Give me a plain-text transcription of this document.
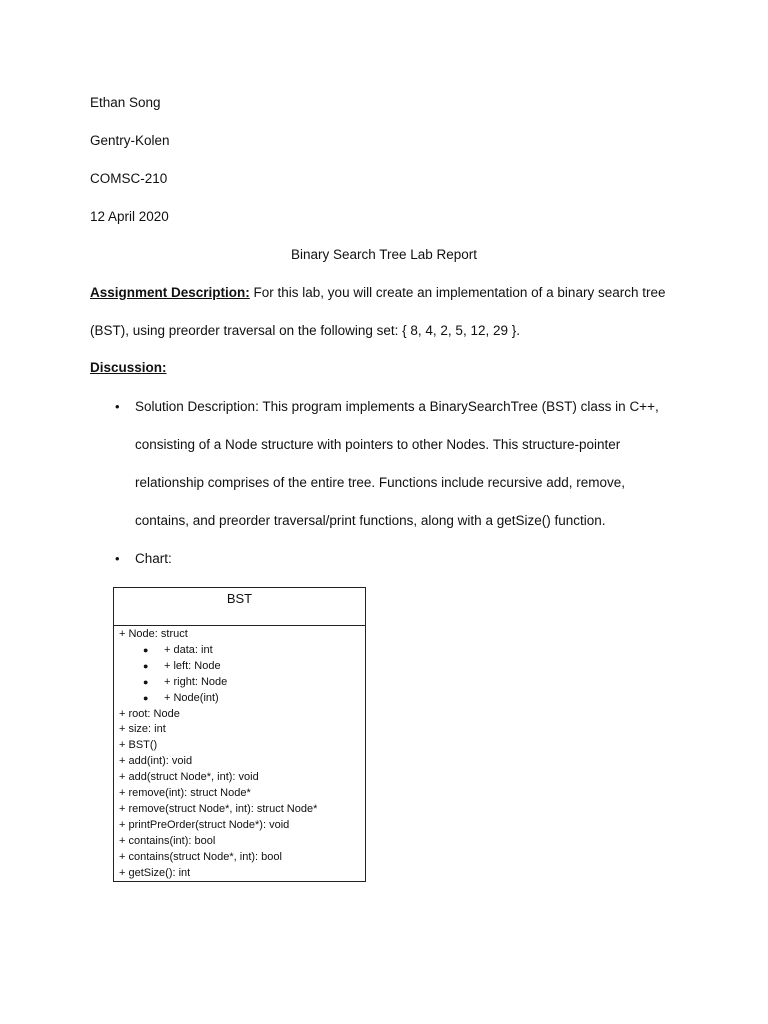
Ethan Song
Gentry-Kolen
COMSC-210
12 April 2020
Binary Search Tree Lab Report
Assignment Description: For this lab, you will create an implementation of a binary search tree
(BST), using preorder traversal on the following set: { 8, 4, 2, 5, 12, 29 }.
Discussion:
• Solution Description: This program implements a BinarySearchTree (BST) class in C++,
consisting of a Node structure with pointers to other Nodes. This structure-pointer
relationship comprises of the entire tree. Functions include recursive add, remove,
contains, and preorder traversal/print functions, along with a getSize() function.
• Chart:
BST
+ Node: struct
● + data: int
● + left: Node
● + right: Node
● + Node(int)
+ root: Node
+ size: int
+ BST()
+ add(int): void
+ add(struct Node*, int): void
+ remove(int): struct Node*
+ remove(struct Node*, int): struct Node*
+ printPreOrder(struct Node*): void
+ contains(int): bool
+ contains(struct Node*, int): bool
+ getSize(): int
